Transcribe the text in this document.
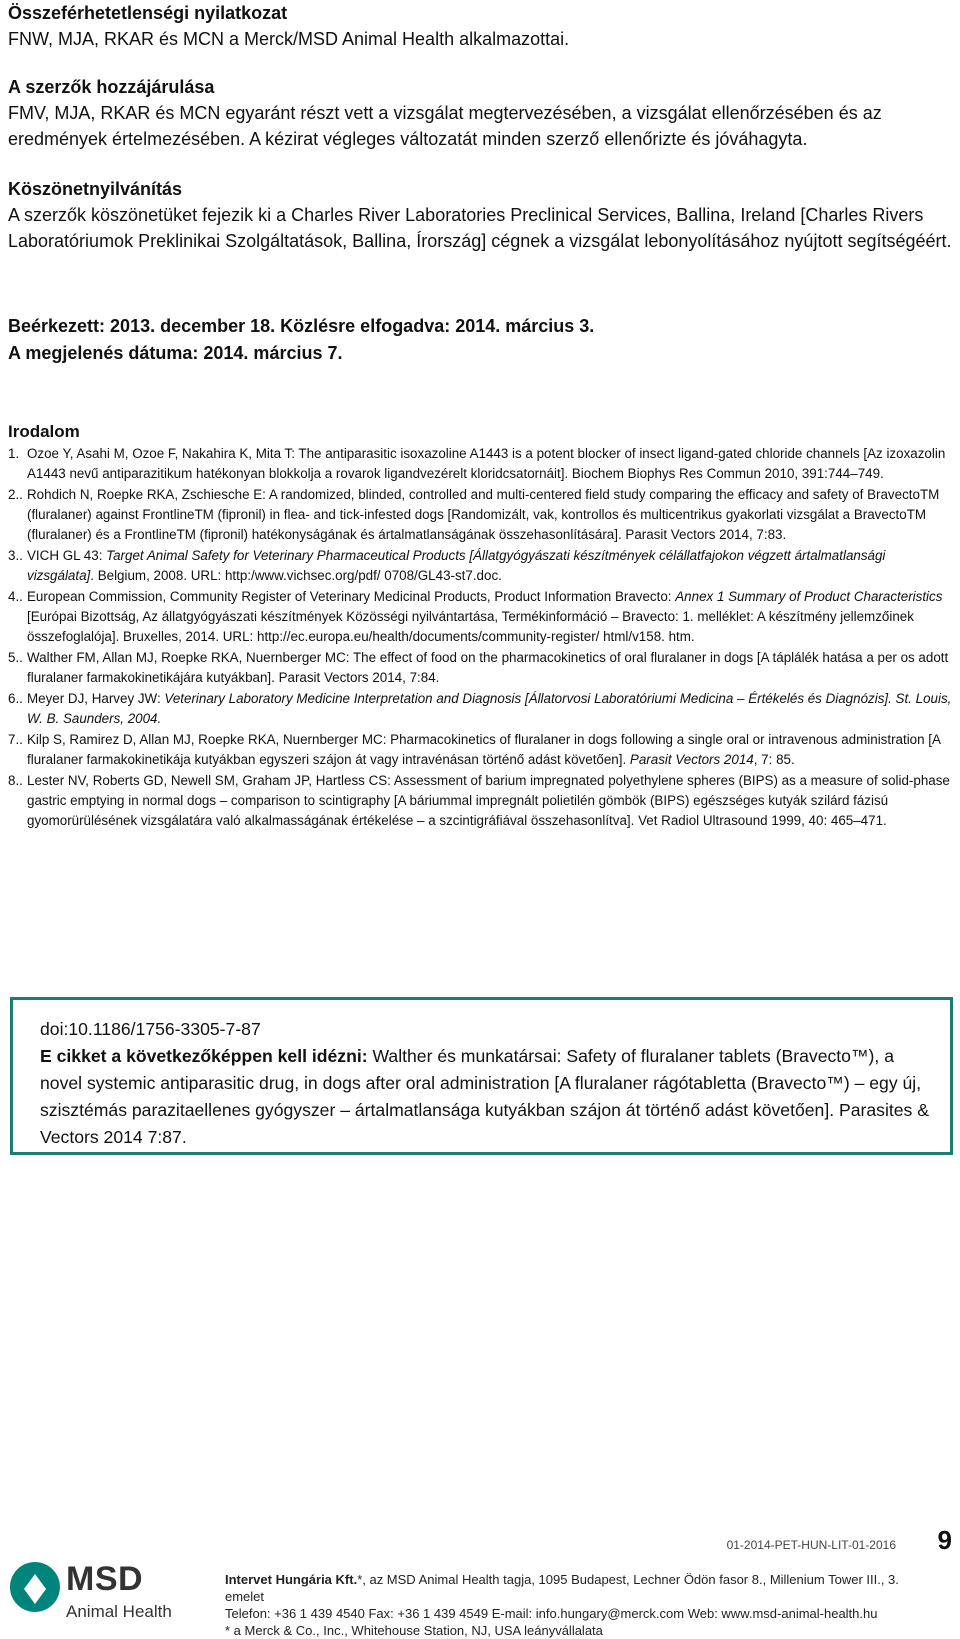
Összeférhetetlenségi nyilatkozat

FNW, MJA, RKAR és MCN a Merck/MSD Animal Health alkalmazottai.

A szerzők hozzájárulása

FMV, MJA, RKAR és MCN egyaránt részt vett a vizsgálat megtervezésében, a vizsgálat ellenőrzésében és az eredmények értelmezésében. A kézirat végleges változatát minden szerző ellenőrizte és jóváhagyta.

Köszönetnyilvánítás

A szerzők köszönetüket fejezik ki a Charles River Laboratories Preclinical Services, Ballina, Ireland [Charles Rivers Laboratóriumok Preklinikai Szolgáltatások, Ballina, Írország] cégnek a vizsgálat lebonyolításához nyújtott segítségéért.

Beérkezett: 2013. december 18. Közlésre elfogadva: 2014. március 3.
A megjelenés dátuma: 2014. március 7.
Irodalom
1. Ozoe Y, Asahi M, Ozoe F, Nakahira K, Mita T: The antiparasitic isoxazoline A1443 is a potent blocker of insect ligand-gated chloride channels [Az izoxazolin A1443 nevű antiparazitikum hatékonyan blokkolja a rovarok ligandvezérelt kloridcsatornáit]. Biochem Biophys Res Commun 2010, 391:744–749.
2.. Rohdich N, Roepke RKA, Zschiesche E: A randomized, blinded, controlled and multi-centered field study comparing the efficacy and safety of BravectoTM (fluralaner) against FrontlineTM (fipronil) in flea- and tick-infested dogs [Randomizált, vak, kontrollos és multicentrikus gyakorlati vizsgálat a BravectoTM (fluralaner) és a FrontlineTM (fipronil) hatékonyságának és ártalmatlanságának összehasonlítására]. Parasit Vectors 2014, 7:83.
3.. VICH GL 43: Target Animal Safety for Veterinary Pharmaceutical Products [Állatgyógyászati készítmények célállatfajokon végzett ártalmatlansági vizsgálata]. Belgium, 2008. URL: http:/www.vichsec.org/pdf/ 0708/GL43-st7.doc.
4.. European Commission, Community Register of Veterinary Medicinal Products, Product Information Bravecto: Annex 1 Summary of Product Characteristics [Európai Bizottság, Az állatgyógyászati készítmények Közösségi nyilvántartása, Termékinformáció – Bravecto: 1. melléklet: A készítmény jellemzőinek összefoglalója]. Bruxelles, 2014. URL: http://ec.europa.eu/health/documents/community-register/ html/v158. htm.
5.. Walther FM, Allan MJ, Roepke RKA, Nuernberger MC: The effect of food on the pharmacokinetics of oral fluralaner in dogs [A táplálék hatása a per os adott fluralaner farmakokinetikájára kutyákban]. Parasit Vectors 2014, 7:84.
6.. Meyer DJ, Harvey JW: Veterinary Laboratory Medicine Interpretation and Diagnosis [Állatorvosi Laboratóriumi Medicina – Értékelés és Diagnózis]. St. Louis, W. B. Saunders, 2004.
7.. Kilp S, Ramirez D, Allan MJ, Roepke RKA, Nuernberger MC: Pharmacokinetics of fluralaner in dogs following a single oral or intravenous administration [A fluralaner farmakokinetikája kutyákban egyszeri szájon át vagy intravénásan történő adást követően]. Parasit Vectors 2014, 7: 85.
8.. Lester NV, Roberts GD, Newell SM, Graham JP, Hartless CS: Assessment of barium impregnated polyethylene spheres (BIPS) as a measure of solid-phase gastric emptying in normal dogs – comparison to scintigraphy [A báriummal impregnált polietilén gömbök (BIPS) egészséges kutyák szilárd fázisú gyomorürülésének vizsgálatára való alkalmasságának értékelése – a szcintigráfiával összehasonlítva]. Vet Radiol Ultrasound 1999, 40: 465–471.
doi:10.1186/1756-3305-7-87
E cikket a következőképpen kell idézni: Walther és munkatársai: Safety of fluralaner tablets (Bravecto™), a novel systemic antiparasitic drug, in dogs after oral administration [A fluralaner rágótabletta (Bravecto™) – egy új, szisztémás parazitaellenes gyógyszer – ártalmatlansága kutyákban szájon át történő adást követően]. Parasites & Vectors 2014 7:87.
01-2014-PET-HUN-LIT-01-2016 9
MSD
Animal Health
Intervet Hungária Kft.*, az MSD Animal Health tagja, 1095 Budapest, Lechner Ödön fasor 8., Millenium Tower III., 3. emelet
Telefon: +36 1 439 4540 Fax: +36 1 439 4549 E-mail: info.hungary@merck.com Web: www.msd-animal-health.hu
* a Merck & Co., Inc., Whitehouse Station, NJ, USA leányvállalata
